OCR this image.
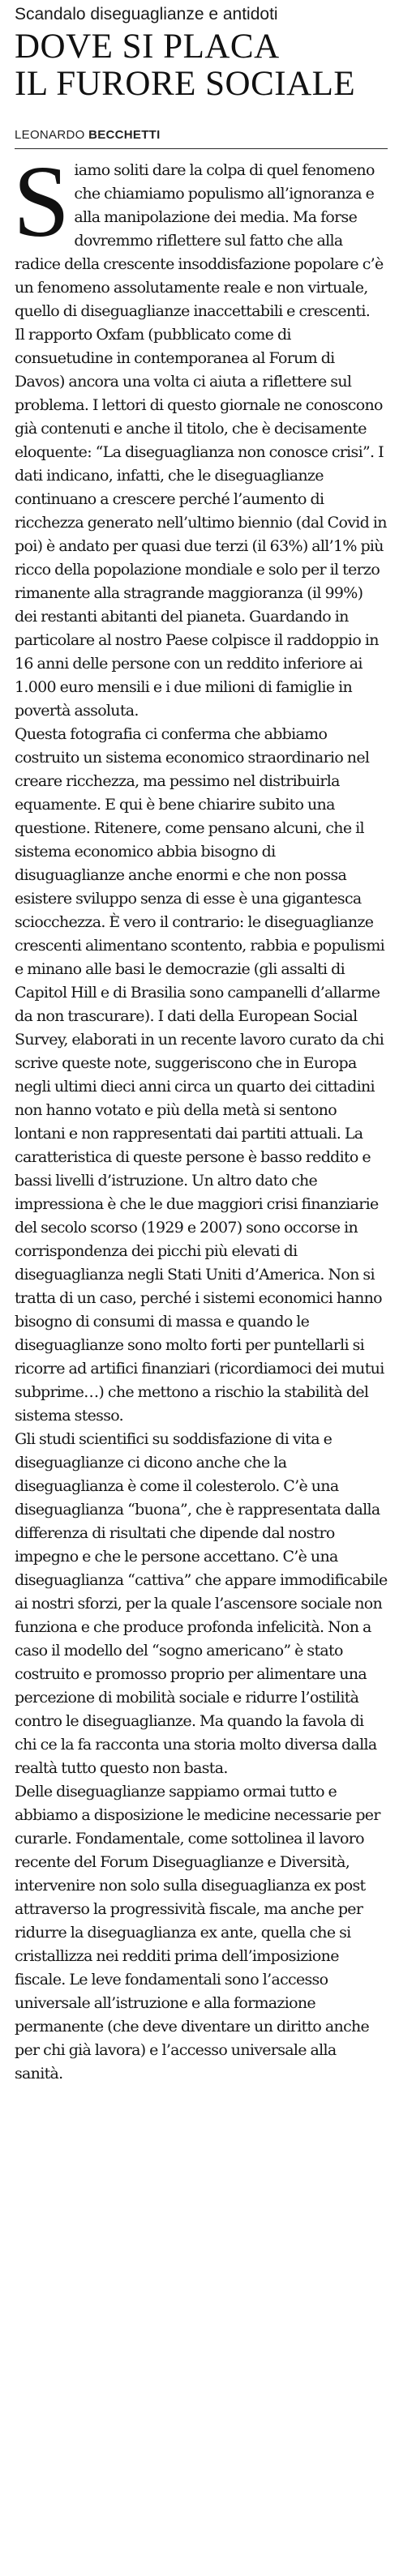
Scandalo diseguaglianze e antidoti
DOVE SI PLACA
IL FURORE SOCIALE
LEONARDO BECCHETTI

Siamo soliti dare la colpa di quel fenomeno che chiamiamo populismo all’ignoranza e alla manipolazione dei media. Ma forse dovremmo riflettere sul fatto che alla radice della crescente insoddisfazione popolare c’è un fenomeno assolutamente reale e non virtuale, quello di diseguaglianze inaccettabili e crescenti.

Il rapporto Oxfam (pubblicato come di consuetudine in contemporanea al Forum di Davos) ancora una volta ci aiuta a riflettere sul problema. I lettori di questo giornale ne conoscono già contenuti e anche il titolo, che è decisamente eloquente: “La diseguaglianza non conosce crisi”. I dati indicano, infatti, che le diseguaglianze continuano a crescere perché l’aumento di ricchezza generato nell’ultimo biennio (dal Covid in poi) è andato per quasi due terzi (il 63%) all’1% più ricco della popolazione mondiale e solo per il terzo rimanente alla stragrande maggioranza (il 99%) dei restanti abitanti del pianeta. Guardando in particolare al nostro Paese colpisce il raddoppio in 16 anni delle persone con un reddito inferiore ai 1.000 euro mensili e i due milioni di famiglie in povertà assoluta.

Questa fotografia ci conferma che abbiamo costruito un sistema economico straordinario nel creare ricchezza, ma pessimo nel distribuirla equamente. E qui è bene chiarire subito una questione. Ritenere, come pensano alcuni, che il sistema economico abbia bisogno di disuguaglianze anche enormi e che non possa esistere sviluppo senza di esse è una gigantesca sciocchezza. È vero il contrario: le diseguaglianze crescenti alimentano scontento, rabbia e populismi e minano alle basi le democrazie (gli assalti di Capitol Hill e di Brasilia sono campanelli d’allarme da non trascurare). I dati della European Social Survey, elaborati in un recente lavoro curato da chi scrive queste note, suggeriscono che in Europa negli ultimi dieci anni circa un quarto dei cittadini non hanno votato e più della metà si sentono lontani e non rappresentati dai partiti attuali. La caratteristica di queste persone è basso reddito e bassi livelli d’istruzione. Un altro dato che impressiona è che le due maggiori crisi finanziarie del secolo scorso (1929 e 2007) sono occorse in corrispondenza dei picchi più elevati di diseguaglianza negli Stati Uniti d’America. Non si tratta di un caso, perché i sistemi economici hanno bisogno di consumi di massa e quando le diseguaglianze sono molto forti per puntellarli si ricorre ad artifici finanziari (ricordiamoci dei mutui subprime…) che mettono a rischio la stabilità del sistema stesso.

Gli studi scientifici su soddisfazione di vita e diseguaglianze ci dicono anche che la diseguaglianza è come il colesterolo. C’è una diseguaglianza “buona”, che è rappresentata dalla differenza di risultati che dipende dal nostro impegno e che le persone accettano. C’è una diseguaglianza “cattiva” che appare immodificabile ai nostri sforzi, per la quale l’ascensore sociale non funziona e che produce profonda infelicità. Non a caso il modello del “sogno americano” è stato costruito e promosso proprio per alimentare una percezione di mobilità sociale e ridurre l’ostilità contro le diseguaglianze. Ma quando la favola di chi ce la fa racconta una storia molto diversa dalla realtà tutto questo non basta.

Delle diseguaglianze sappiamo ormai tutto e abbiamo a disposizione le medicine necessarie per curarle. Fondamentale, come sottolinea il lavoro recente del Forum Diseguaglianze e Diversità, intervenire non solo sulla diseguaglianza ex post attraverso la progressività fiscale, ma anche per ridurre la diseguaglianza ex ante, quella che si cristallizza nei redditi prima dell’imposizione fiscale. Le leve fondamentali sono l’accesso universale all’istruzione e alla formazione permanente (che deve diventare un diritto anche per chi già lavora) e l’accesso universale alla sanità.
